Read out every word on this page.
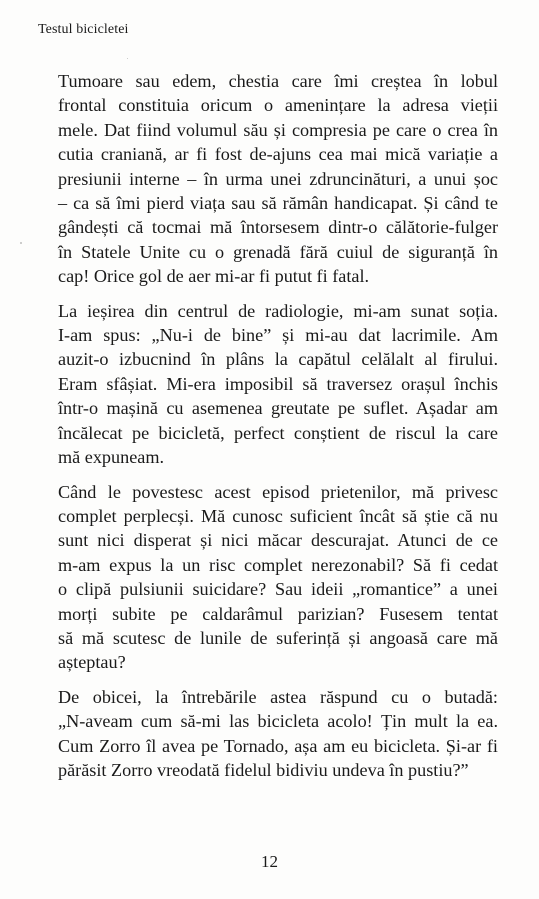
Testul bicicletei

Tumoare sau edem, chestia care îmi creștea în lobul
frontal constituia oricum o amenințare la adresa vieții
mele. Dat fiind volumul său și compresia pe care o crea în
cutia craniană, ar fi fost de-ajuns cea mai mică variație a
presiunii interne – în urma unei zdruncinături, a unui șoc
– ca să îmi pierd viața sau să rămân handicapat. Și când te
gândești că tocmai mă întorsesem dintr-o călătorie-fulger
în Statele Unite cu o grenadă fără cuiul de siguranță în
cap! Orice gol de aer mi-ar fi putut fi fatal.

La ieșirea din centrul de radiologie, mi-am sunat soția.
I-am spus: „Nu-i de bine” și mi-au dat lacrimile. Am
auzit-o izbucnind în plâns la capătul celălalt al firului.
Eram sfâșiat. Mi-era imposibil să traversez orașul închis
într-o mașină cu asemenea greutate pe suflet. Așadar am
încălecat pe bicicletă, perfect conștient de riscul la care
mă expuneam.

Când le povestesc acest episod prietenilor, mă privesc
complet perplecși. Mă cunosc suficient încât să știe că nu
sunt nici disperat și nici măcar descurajat. Atunci de ce
m-am expus la un risc complet nerezonabil? Să fi cedat
o clipă pulsiunii suicidare? Sau ideii „romantice” a unei
morți subite pe caldarâmul parizian? Fusesem tentat
să mă scutesc de lunile de suferință și angoasă care mă
așteptau?

De obicei, la întrebările astea răspund cu o butadă:
„N-aveam cum să-mi las bicicleta acolo! Țin mult la ea.
Cum Zorro îl avea pe Tornado, așa am eu bicicleta. Și-ar fi
părăsit Zorro vreodată fidelul bidiviu undeva în pustiu?”

12
